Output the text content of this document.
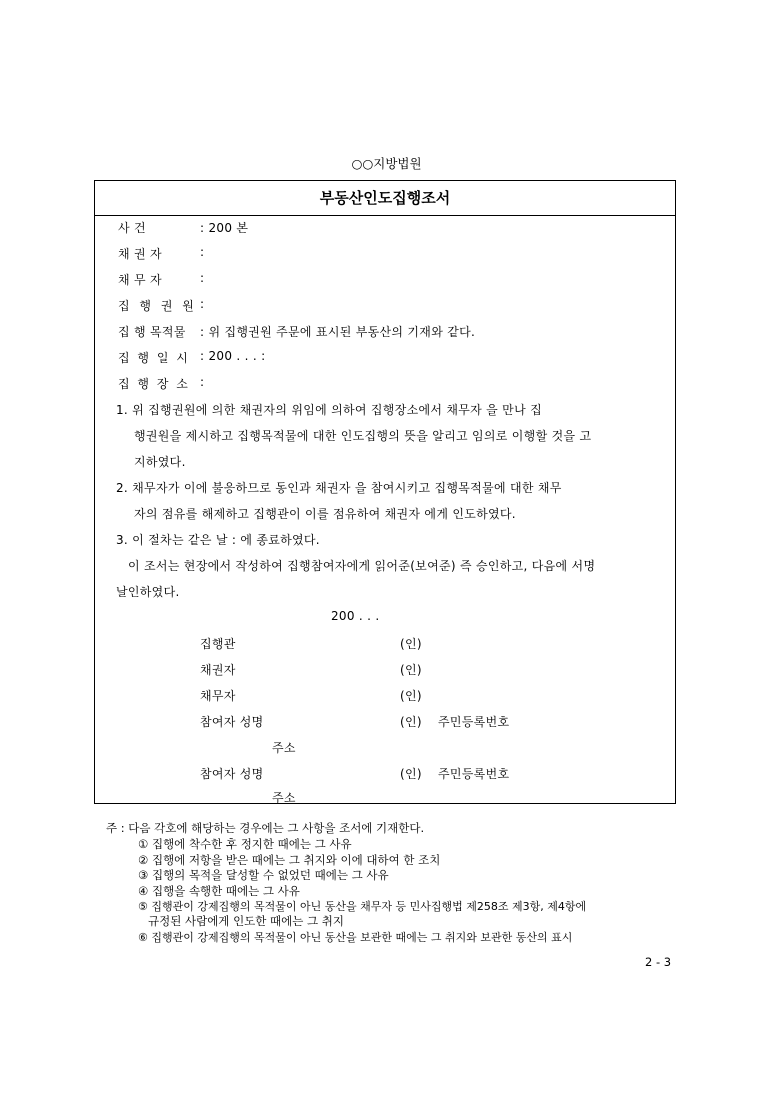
○○지방법원
부동산인도집행조서
사 건	: 200 본
채 권 자	:
채 무 자	:
집 행 권 원 :
집 행 목적물 : 위 집행권원 주문에 표시된 부동산의 기재와 같다.
집 행 일 시 : 200 . . . :
집 행 장 소 :
1. 위 집행권원에 의한 채권자의 위임에 의하여 집행장소에서 채무자 을 만나 집
행권원을 제시하고 집행목적물에 대한 인도집행의 뜻을 알리고 임의로 이행할 것을 고
지하였다.
2. 채무자가 이에 불응하므로 동인과 채권자 을 참여시키고 집행목적물에 대한 채무
자의 점유를 해제하고 집행관이 이를 점유하여 채권자 에게 인도하였다.
3. 이 절차는 같은 날 : 에 종료하였다.
이 조서는 현장에서 작성하여 집행참여자에게 읽어준(보여준) 즉 승인하고, 다음에 서명
날인하였다.
200 . . .
집행관	(인)
채권자	(인)
채무자	(인)
참여자 성명	(인) 주민등록번호
주소
참여자 성명	(인) 주민등록번호
주소
주 : 다음 각호에 해당하는 경우에는 그 사항을 조서에 기재한다.
① 집행에 착수한 후 정지한 때에는 그 사유
② 집행에 저항을 받은 때에는 그 취지와 이에 대하여 한 조치
③ 집행의 목적을 달성할 수 없었던 때에는 그 사유
④ 집행을 속행한 때에는 그 사유
⑤ 집행관이 강제집행의 목적물이 아닌 동산을 채무자 등 민사집행법 제258조 제3항, 제4항에
규정된 사람에게 인도한 때에는 그 취지
⑥ 집행관이 강제집행의 목적물이 아닌 동산을 보관한 때에는 그 취지와 보관한 동산의 표시
2 - 3
